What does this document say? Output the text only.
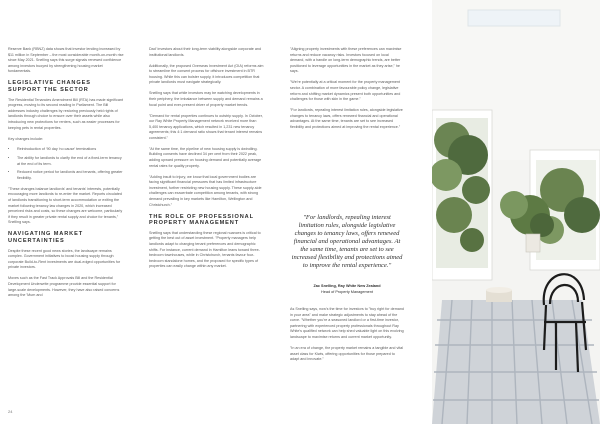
Reserve Bank (RBNZ) data shows that investor lending increased by $11 million in September – the most considerable month-on-month rise since May 2021. Snelling says this surge signals renewed confidence among investors buoyed by strengthening housing market fundamentals.

LEGISLATIVE CHANGES SUPPORT THE SECTOR

The Residential Tenancies Amendment Bill (RTA) has made significant progress, moving to its second reading in Parliament. The Bill addresses industry challenges by restoring previously held rights of landlords through choice to ensure over their assets while also introducing new protections for renters, such as easier processes for keeping pets in rental properties.

Key changes include:

• Reintroduction of '90 day 'no cause' terminations
• The ability for landlords to clarify the end of a fixed-term tenancy at the end of its term.
• Reduced notice period for landlords and tenants, offering greater flexibility.

"These changes balance landlords' and tenants' interests, potentially encouraging more landlords to re-enter the market. Reports circulated of landlords transitioning to short-term accommodation or exiting the market following tenancy law changes in 2020, which increased perceived risks and costs, so these changes are welcome, particularly if they result in greater private rental supply and choice for tenants," Snelling says.

NAVIGATING MARKET UNCERTAINTIES

Despite these recent good news stories, the landscape remains complex. Government initiatives to boost housing supply through corporate Build-to-Rent investments are dual-edged opportunities for private investors.

Moves such as the Fast Track Approvals Bill and the Residential Development Underwrite programme provide essential support for large-scale developments. However, they have also raised concerns among the 'Mum and

Dad' investors about their long-term viability alongside corporate and institutional landlords.

Additionally, the proposed Overseas Investment Act (OIA) reforms aim to streamline the consent process for offshore investment in BTR housing. While this can bolster supply, it introduces competition that private landlords must navigate strategically.

Snelling says that while investors may be watching developments in their periphery, the imbalance between supply and demand remains a focal point and ever-present driver of property market trends.

"Demand for rental properties continues to outstrip supply. In October, our Ray White Property Management network received more than 5,400 tenancy applications, which resulted in 1,231 new tenancy agreements; this 4:1 demand ratio shows that tenant interest remains consistent."

"At the same time, the pipeline of new housing supply is dwindling. Building consents have declined 34 per cent from their 2022 peak, adding upward pressure on housing demand and potentially average rental rates for quality property.

"Adding insult to injury, we know that local government bodies are facing significant financial pressures that has limited infrastructure investment, further restricting new housing supply. These supply-side challenges can exacerbate competition among tenants, with strong demand prevailing in key markets like Hamilton, Wellington and Christchurch."

THE ROLE OF PROFESSIONAL PROPERTY MANAGEMENT

Snelling says that understanding these regional nuances is critical to getting the best out of asset investment. "Property managers help landlords adapt to changing tenant preferences and demographic shifts. For instance, current demand in Hamilton leans toward three-bedroom townhouses, while in Christchurch, tenants favour four-bedroom standalone homes, and the proposed for specific types of properties can easily change within any market.

"Aligning property investments with these preferences can maximise returns and reduce vacancy risks. Investors focused on local demand, with a handle on long-term demographic trends, are better positioned to leverage opportunities in the market as they arise," he says.

"We're potentially at a critical moment for the property management sector. A combination of more favourable policy change, legislative reform and shifting market dynamics present both opportunities and challenges for those with skin in the game."

"For landlords, repealing interest limitation rules, alongside legislative changes to tenancy laws, offers renewed financial and operational advantages. At the same time, tenants are set to see increased flexibility and protections aimed at improving the rental experience."

"For landlords, repealing interest limitation rules, alongside legislative changes to tenancy laws, offers renewed financial and operational advantages. At the same time, tenants are set to see increased flexibility and protections aimed to improve the rental experience."
Zac Snelling, Ray White New Zealand
Head of Property Management

As Snelling says, now's the time for investors to "buy right for demand in your area" and make strategic adjustments to stay ahead of the curve. "Whether you're a seasoned landlord or a first-time investor, partnering with experienced property professionals throughout Ray White's qualified network can help shed valuable light on this evolving landscape to maximise returns and current market opportunity.

"In an era of change, the property market remains a tangible and vital asset class for Kiwis, offering opportunities for those prepared to adapt and innovate."

24
